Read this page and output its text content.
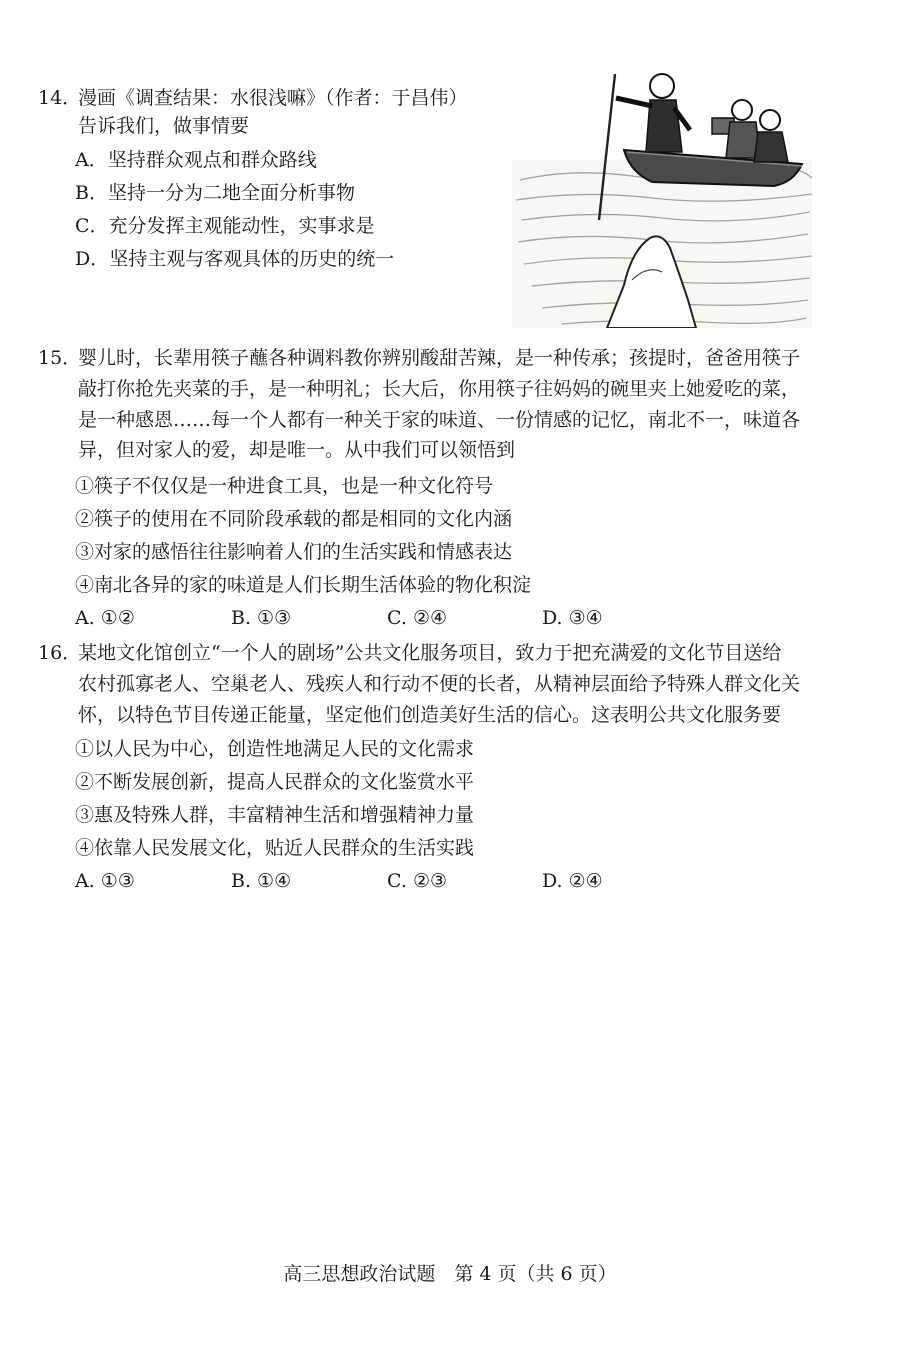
14．
漫画《调查结果：水很浅嘛》（作者：于昌伟）
告诉我们，做事情要
A．坚持群众观点和群众路线
B．坚持一分为二地全面分析事物
C．充分发挥主观能动性，实事求是
D．坚持主观与客观具体的历史的统一
15．
婴儿时，长辈用筷子蘸各种调料教你辨别酸甜苦辣，是一种传承；孩提时，爸爸用筷子
敲打你抢先夹菜的手，是一种明礼；长大后，你用筷子往妈妈的碗里夹上她爱吃的菜，
是一种感恩……每一个人都有一种关于家的味道、一份情感的记忆，南北不一，味道各
异，但对家人的爱，却是唯一。从中我们可以领悟到
①筷子不仅仅是一种进食工具，也是一种文化符号
②筷子的使用在不同阶段承载的都是相同的文化内涵
③对家的感悟往往影响着人们的生活实践和情感表达
④南北各异的家的味道是人们长期生活体验的物化积淀
A. ①②	B. ①③	C. ②④	D. ③④
16．
某地文化馆创立“一个人的剧场”公共文化服务项目，致力于把充满爱的文化节目送给
农村孤寡老人、空巢老人、残疾人和行动不便的长者，从精神层面给予特殊人群文化关
怀，以特色节目传递正能量，坚定他们创造美好生活的信心。这表明公共文化服务要
①以人民为中心，创造性地满足人民的文化需求
②不断发展创新，提高人民群众的文化鉴赏水平
③惠及特殊人群，丰富精神生活和增强精神力量
④依靠人民发展文化，贴近人民群众的生活实践
A. ①③	B. ①④	C. ②③	D. ②④
高三思想政治试题　第 4 页（共 6 页）
